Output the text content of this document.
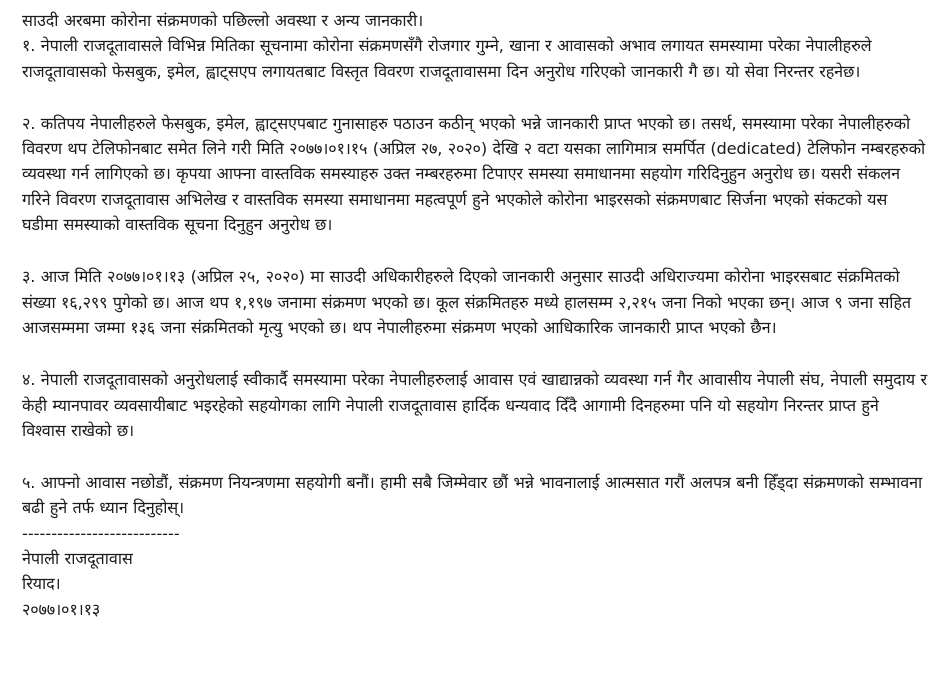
साउदी अरबमा कोरोना संक्रमणको पछिल्लो अवस्था र अन्य जानकारी।

१. नेपाली राजदूतावासले विभिन्न मितिका सूचनामा कोरोना संक्रमणसँगै रोजगार गुम्ने, खाना र आवासको अभाव लगायत समस्यामा परेका नेपालीहरुले राजदूतावासको फेसबुक, इमेल, ह्वाट्सएप लगायतबाट विस्तृत विवरण राजदूतावासमा दिन अनुरोध गरिएको जानकारी गै छ। यो सेवा निरन्तर रहनेछ।

२. कतिपय नेपालीहरुले फेसबुक, इमेल, ह्वाट्सएपबाट गुनासाहरु पठाउन कठीन् भएको भन्ने जानकारी प्राप्त भएको छ। तसर्थ, समस्यामा परेका नेपालीहरुको विवरण थप टेलिफोनबाट समेत लिने गरी मिति २०७७।०१।१५ (अप्रिल २७, २०२०) देखि २ वटा यसका लागिमात्र समर्पित (dedicated) टेलिफोन नम्बरहरुको व्यवस्था गर्न लागिएको छ। कृपया आफ्ना वास्तविक समस्याहरु उक्त नम्बरहरुमा टिपाएर समस्या समाधानमा सहयोग गरिदिनुहुन अनुरोध छ। यसरी संकलन गरिने विवरण राजदूतावास अभिलेख र वास्तविक समस्या समाधानमा महत्वपूर्ण हुने भएकोले कोरोना भाइरसको संक्रमणबाट सिर्जना भएको संकटको यस घडीमा समस्याको वास्तविक सूचना दिनुहुन अनुरोध छ।

३. आज मिति २०७७।०१।१३ (अप्रिल २५, २०२०) मा साउदी अधिकारीहरुले दिएको जानकारी अनुसार साउदी अधिराज्यमा कोरोना भाइरसबाट संक्रमितको संख्या १६,२९९ पुगेको छ। आज थप १,१९७ जनामा संक्रमण भएको छ। कूल संक्रमितहरु मध्ये हालसम्म २,२१५ जना निको भएका छन्। आज ९ जना सहित आजसम्ममा जम्मा १३६ जना संक्रमितको मृत्यु भएको छ। थप नेपालीहरुमा संक्रमण भएको आधिकारिक जानकारी प्राप्त भएको छैन।

४. नेपाली राजदूतावासको अनुरोधलाई स्वीकार्दै समस्यामा परेका नेपालीहरुलाई आवास एवं खाद्यान्नको व्यवस्था गर्न गैर आवासीय नेपाली संघ, नेपाली समुदाय र केही म्यानपावर व्यवसायीबाट भइरहेको सहयोगका लागि नेपाली राजदूतावास हार्दिक धन्यवाद दिँदै आगामी दिनहरुमा पनि यो सहयोग निरन्तर प्राप्त हुने विश्वास राखेको छ।

५. आफ्नो आवास नछोडौं, संक्रमण नियन्त्रणमा सहयोगी बनौं। हामी सबै जिम्मेवार छौं भन्ने भावनालाई आत्मसात गरौं अलपत्र बनी हिँड्दा संक्रमणको सम्भावना बढी हुने तर्फ ध्यान दिनुहोस्।

---------------------------

नेपाली राजदूतावास

रियाद।

२०७७।०१।१३
